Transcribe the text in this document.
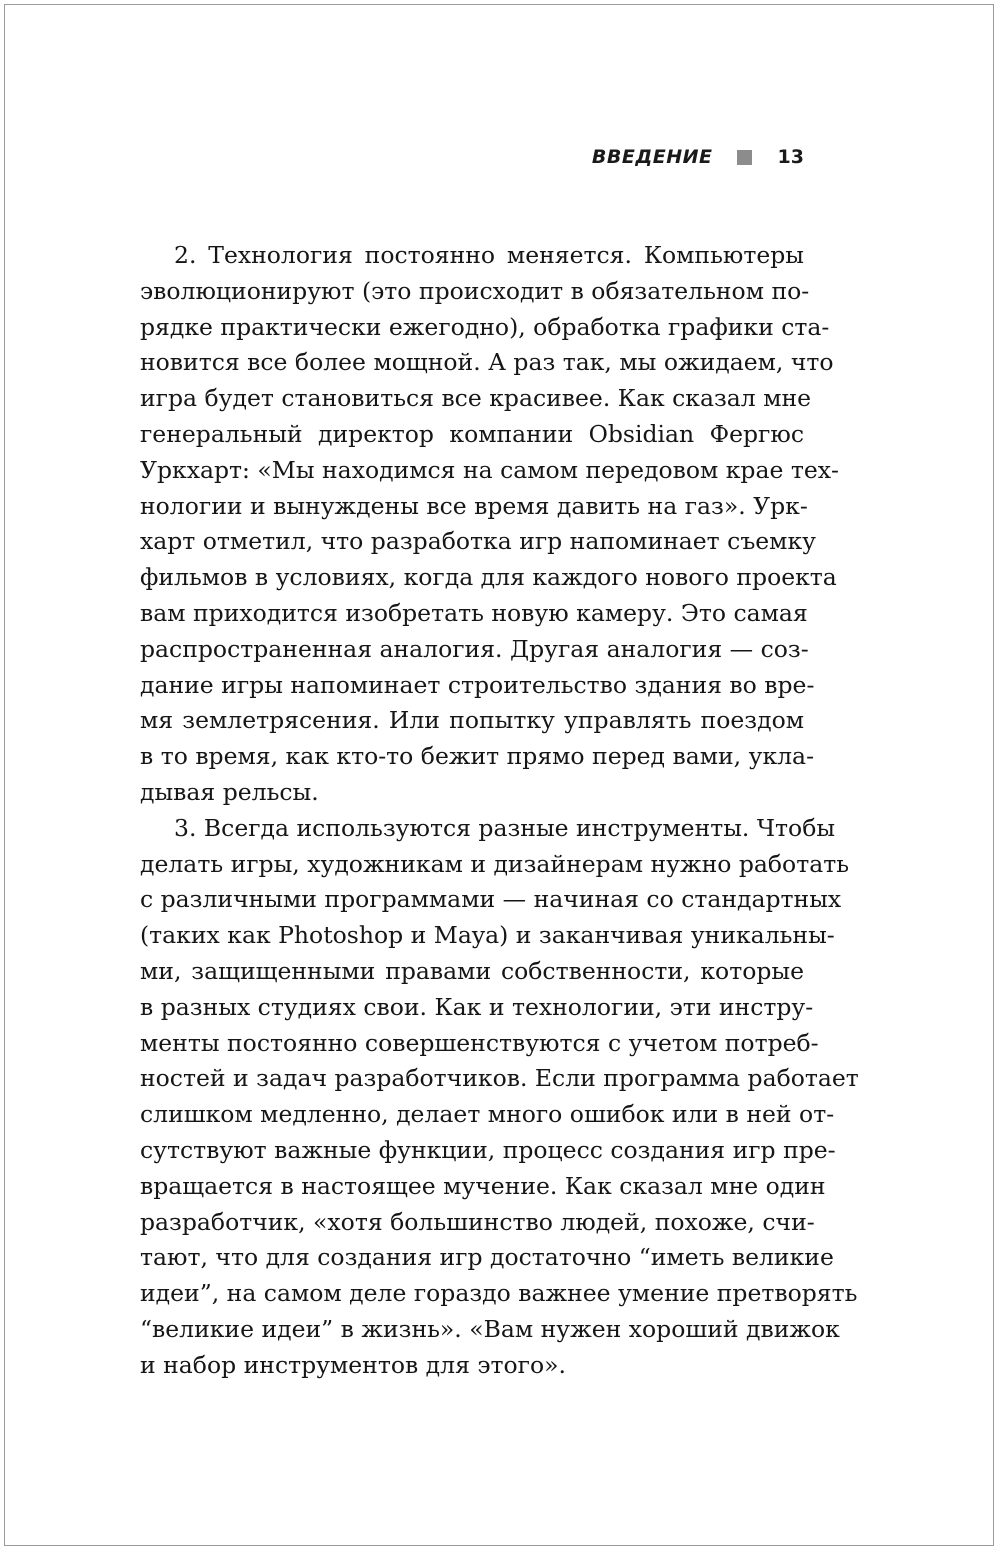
ВВЕДЕНИЕ	13
2. Технология постоянно меняется. Компьютеры
эволюционируют (это происходит в обязательном по-
рядке практически ежегодно), обработка графики ста-
новится все более мощной. А раз так, мы ожидаем, что
игра будет становиться все красивее. Как сказал мне
генеральный директор компании Obsidian Фергюс
Уркхарт: «Мы находимся на самом передовом крае тех-
нологии и вынуждены все время давить на газ». Урк-
харт отметил, что разработка игр напоминает съемку
фильмов в условиях, когда для каждого нового проекта
вам приходится изобретать новую камеру. Это самая
распространенная аналогия. Другая аналогия — соз-
дание игры напоминает строительство здания во вре-
мя землетрясения. Или попытку управлять поездом
в то время, как кто-то бежит прямо перед вами, укла-
дывая рельсы.
3. Всегда используются разные инструменты. Чтобы
делать игры, художникам и дизайнерам нужно работать
с различными программами — начиная со стандартных
(таких как Photoshop и Maya) и заканчивая уникальны-
ми, защищенными правами собственности, которые
в разных студиях свои. Как и технологии, эти инстру-
менты постоянно совершенствуются с учетом потреб-
ностей и задач разработчиков. Если программа работает
слишком медленно, делает много ошибок или в ней от-
сутствуют важные функции, процесс создания игр пре-
вращается в настоящее мучение. Как сказал мне один
разработчик, «хотя большинство людей, похоже, счи-
тают, что для создания игр достаточно “иметь великие
идеи”, на самом деле гораздо важнее умение претворять
“великие идеи” в жизнь». «Вам нужен хороший движок
и набор инструментов для этого».
